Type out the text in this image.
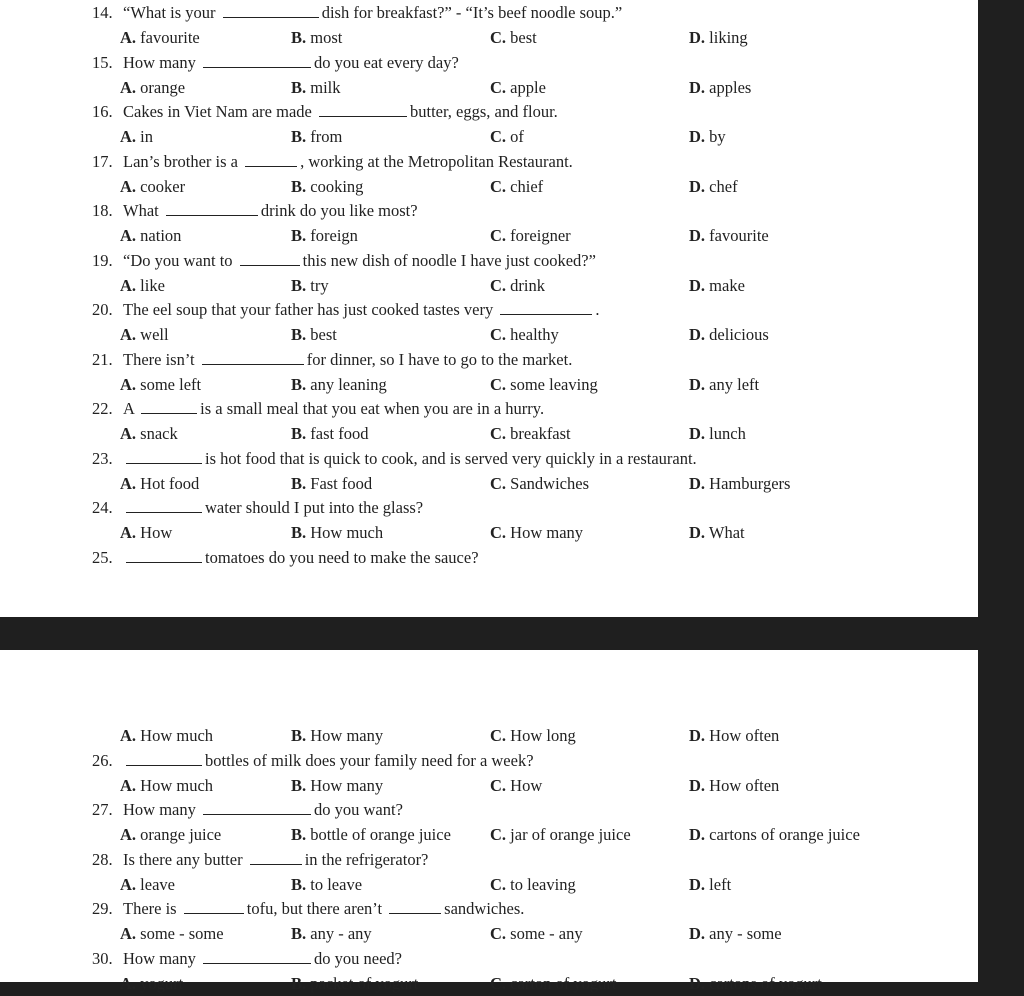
14. “What is your	dish for breakfast?” - “It’s beef noodle soup.”
A. favourite	B. most	C. best	D. liking
15. How many	do you eat every day?
A. orange	B. milk	C. apple	D. apples
16. Cakes in Viet Nam are made	butter, eggs, and flour.
A. in	B. from	C. of	D. by
17. Lan’s brother is a	, working at the Metropolitan Restaurant.
A. cooker	B. cooking	C. chief	D. chef
18. What	drink do you like most?
A. nation	B. foreign	C. foreigner	D. favourite
19. “Do you want to	this new dish of noodle I have just cooked?”
A. like	B. try	C. drink	D. make
20. The eel soup that your father has just cooked tastes very	.
A. well	B. best	C. healthy	D. delicious
21. There isn’t	for dinner, so I have to go to the market.
A. some left	B. any leaning	C. some leaving	D. any left
22. A	is a small meal that you eat when you are in a hurry.
A. snack	B. fast food	C. breakfast	D. lunch
23.	is hot food that is quick to cook, and is served very quickly in a restaurant.
A. Hot food	B. Fast food	C. Sandwiches	D. Hamburgers
24.	water should I put into the glass?
A. How	B. How much	C. How many	D. What
25.	tomatoes do you need to make the sauce?
A. How much	B. How many	C. How long	D. How often
26.	bottles of milk does your family need for a week?
A. How much	B. How many	C. How	D. How often
27. How many	do you want?
A. orange juice	B. bottle of orange juice C. jar of orange juice	D. cartons of orange juice
28. Is there any butter	in the refrigerator?
A. leave	B. to leave	C. to leaving	D. left
29. There is	tofu, but there aren’t	sandwiches.
A. some - some	B. any - any	C. some - any	D. any - some
30. How many	do you need?
A. yogurt	B. packet of yogurt	C. carton of yogurt	D. cartons of yogurt
